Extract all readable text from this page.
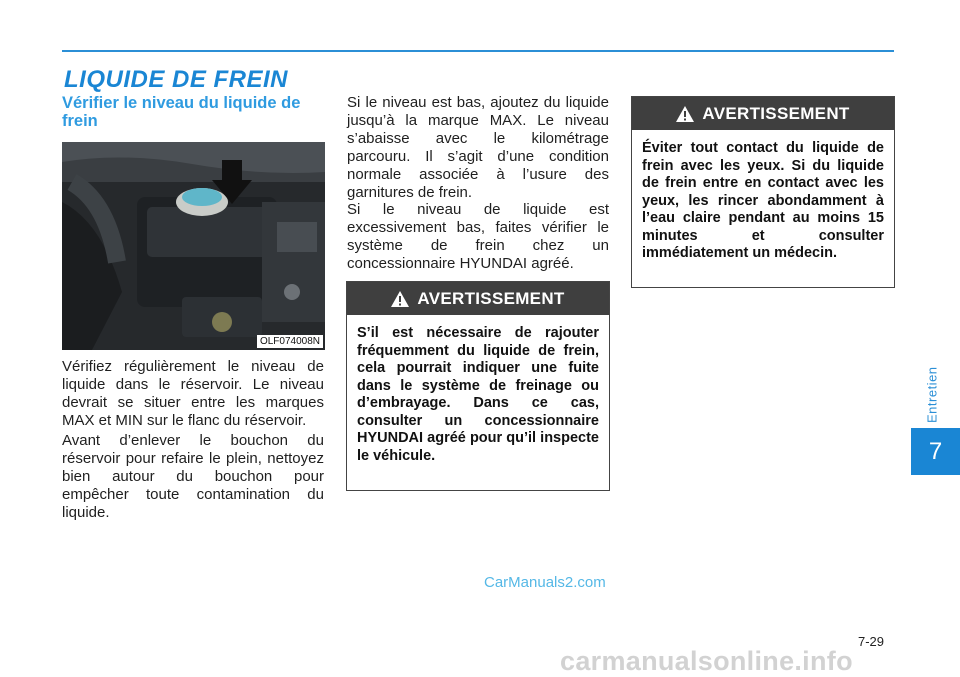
LIQUIDE DE FREIN
Vérifier le niveau du liquide de frein
OLF074008N

Vérifiez régulièrement le niveau de liquide dans le réservoir. Le niveau devrait se situer entre les marques MAX et MIN sur le flanc du réservoir.

Avant d’enlever le bouchon du réservoir pour refaire le plein, nettoyez bien autour du bouchon pour empêcher toute contamination du liquide.

Si le niveau est bas, ajoutez du liquide jusqu’à la marque MAX. Le niveau s’abaisse avec le kilométrage parcouru. Il s’agit d’une condition normale associée à l’usure des garnitures de frein.

Si le niveau de liquide est excessivement bas, faites vérifier le système de frein chez un concessionnaire HYUNDAI agréé.

AVERTISSEMENT

S’il est nécessaire de rajouter fréquemment du liquide de frein, cela pourrait indiquer une fuite dans le système de freinage ou d’embrayage. Dans ce cas, consulter un concessionnaire HYUNDAI agréé pour qu’il inspecte le véhicule.

AVERTISSEMENT

Éviter tout contact du liquide de frein avec les yeux. Si du liquide de frein entre en contact avec les yeux, les rincer abondamment à l’eau claire pendant au moins 15 minutes et consulter immédiatement un médecin.

Entretien
7
CarManuals2.com
7-29
carmanualsonline.info
